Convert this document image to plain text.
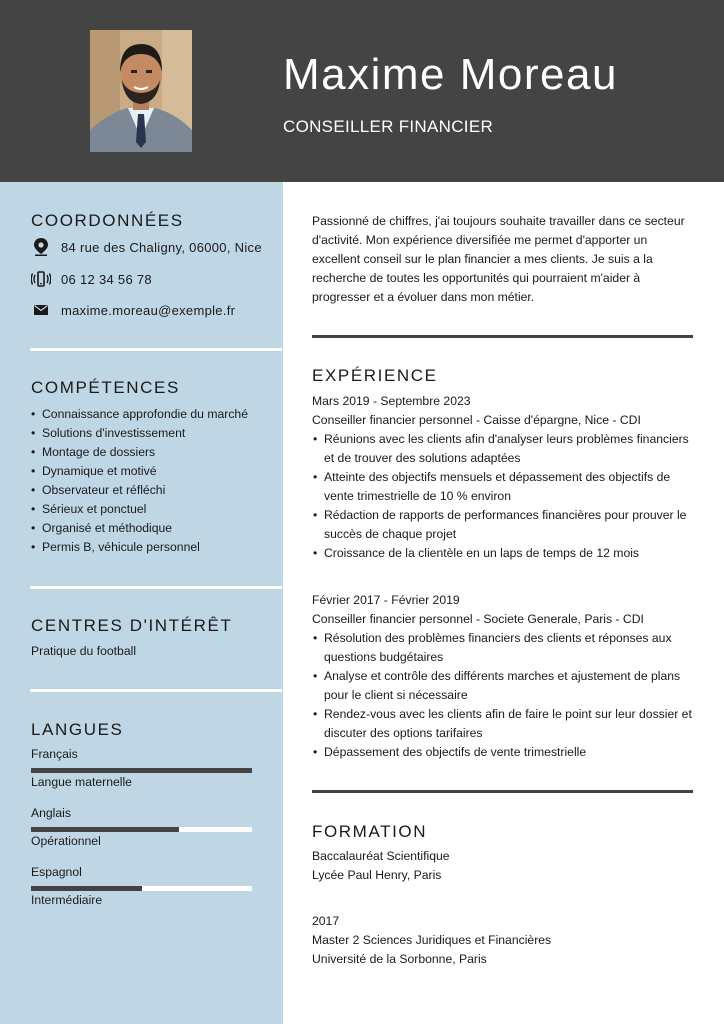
Maxime Moreau
CONSEILLER FINANCIER
COORDONNÉES
84 rue des Chaligny, 06000, Nice
06 12 34 56 78
maxime.moreau@exemple.fr
COMPÉTENCES
• Connaissance approfondie du marché
• Solutions d'investissement
• Montage de dossiers
• Dynamique et motivé
• Observateur et réfléchi
• Sérieux et ponctuel
• Organisé et méthodique
• Permis B, véhicule personnel
CENTRES D'INTÉRÊT
Pratique du football
LANGUES
Français
Langue maternelle
Anglais
Opérationnel
Espagnol
Intermédiaire
Passionné de chiffres, j'ai toujours souhaite travailler dans ce secteur d'activité. Mon expérience diversifiée me permet d'apporter un excellent conseil sur le plan financier a mes clients. Je suis a la recherche de toutes les opportunités qui pourraient m'aider à progresser et a évoluer dans mon métier.
EXPÉRIENCE
Mars 2019 - Septembre 2023
Conseiller financier personnel - Caisse d'épargne, Nice - CDI
• Réunions avec les clients afin d'analyser leurs problèmes financiers et de trouver des solutions adaptées
• Atteinte des objectifs mensuels et dépassement des objectifs de vente trimestrielle de 10 % environ
• Rédaction de rapports de performances financières pour prouver le succès de chaque projet
• Croissance de la clientèle en un laps de temps de 12 mois
Février 2017 - Février 2019
Conseiller financier personnel - Societe Generale, Paris - CDI
• Résolution des problèmes financiers des clients et réponses aux questions budgétaires
• Analyse et contrôle des différents marches et ajustement de plans pour le client si nécessaire
• Rendez-vous avec les clients afin de faire le point sur leur dossier et discuter des options tarifaires
• Dépassement des objectifs de vente trimestrielle
FORMATION
Baccalauréat Scientifique
Lycée Paul Henry, Paris
2017
Master 2 Sciences Juridiques et Financières
Université de la Sorbonne, Paris
